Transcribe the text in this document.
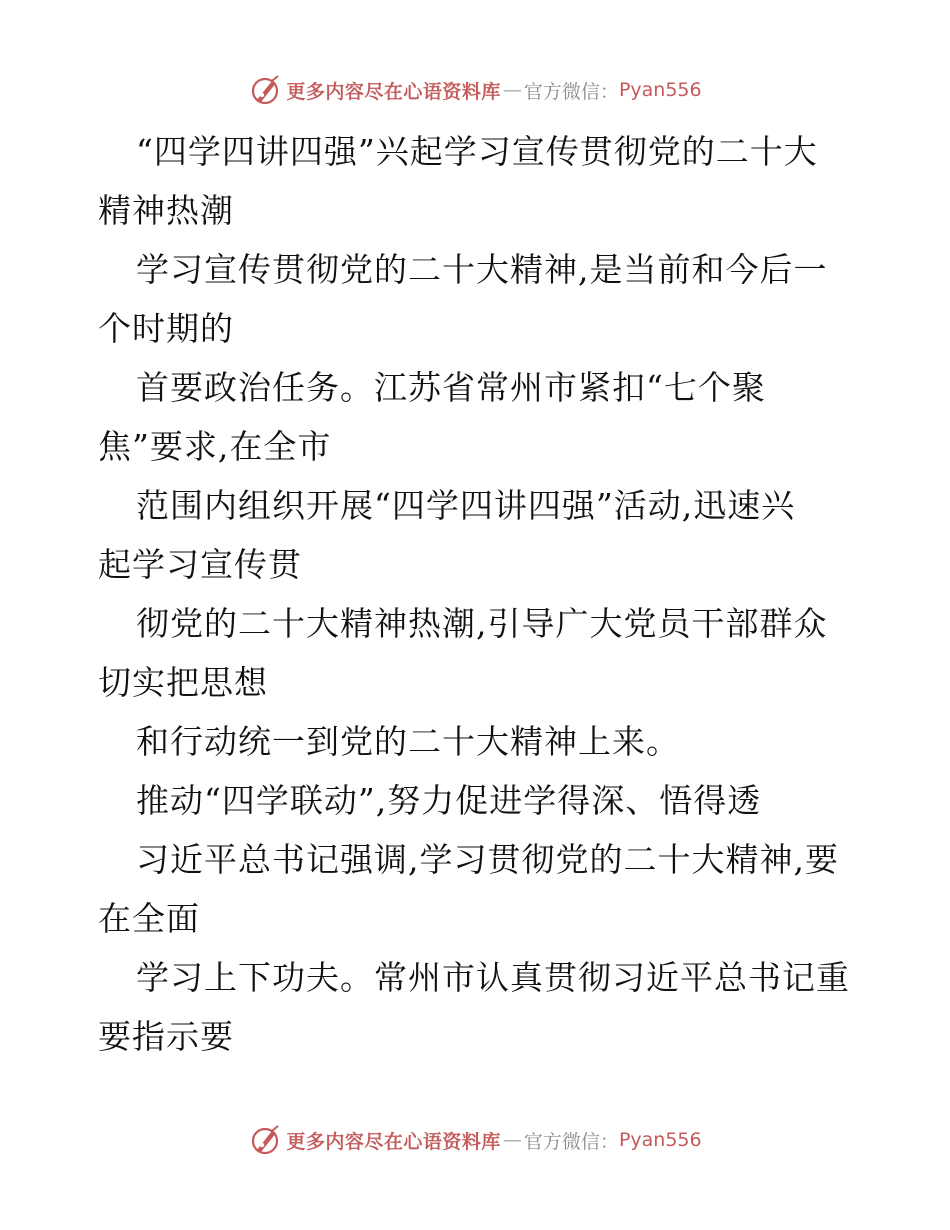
更多内容尽在心语资料库 — 官方微信： Pyan556
“四学四讲四强”兴起学习宣传贯彻党的二十大
精神热潮
学习宣传贯彻党的二十大精神,是当前和今后一
个时期的
首要政治任务。江苏省常州市紧扣“七个聚
焦”要求,在全市
范围内组织开展“四学四讲四强”活动,迅速兴
起学习宣传贯
彻党的二十大精神热潮,引导广大党员干部群众
切实把思想
和行动统一到党的二十大精神上来。
推动“四学联动”,努力促进学得深、悟得透
习近平总书记强调,学习贯彻党的二十大精神,要
在全面
学习上下功夫。常州市认真贯彻习近平总书记重
要指示要
更多内容尽在心语资料库 — 官方微信： Pyan556
